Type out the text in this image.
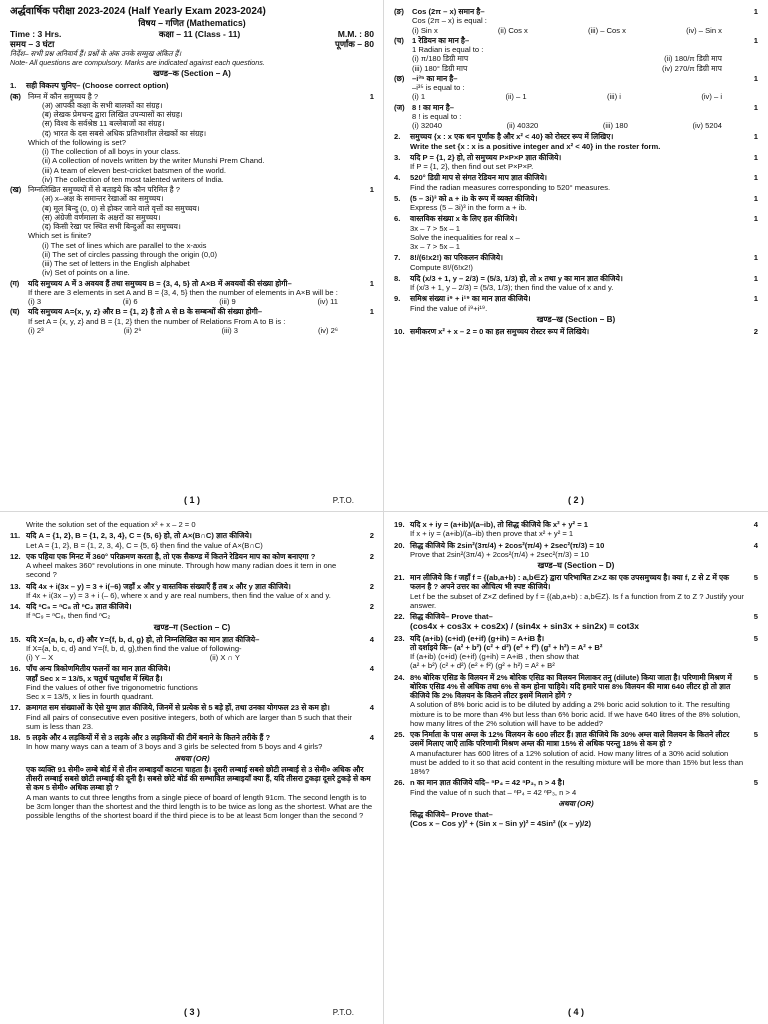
अर्द्धवार्षिक परीक्षा 2023-2024 (Half Yearly Exam 2023-2024)
विषय – गणित (Mathematics)
Time : 3 Hrs.	कक्षा – 11 (Class - 11)	M.M. : 80
समय – 3 घंटा	पूर्णांक – 80
निर्देश– सभी प्रश्न अनिवार्य हैं। प्रश्नों के अंक उनके सम्मुख अंकित हैं।
Note- All questions are compulsory. Marks are indicated against each questions.
खण्ड–क (Section – A)
1.	सही विकल्प चुनिए– (Choose correct option)
(क) निम्न में कौन समुच्चय है ?
(अ) आपकी कक्षा के सभी बालकों का संग्रह।
(ब) लेखक प्रेमचन्द द्वारा लिखित उपन्यासों का संग्रह।
(स) विश्व के सर्वश्रेष्ठ 11 बल्लेबाजों का संग्रह।
(द) भारत के दस सबसे अधिक प्रतिभाशील लेखकों का संग्रह।
Which of the following is set?
(i) The collection of all boys in your class.
(ii) A collection of novels written by the writer Munshi Prem Chand.
(iii) A team of eleven best-cricket batsmen of the world.
(iv) The collection of ten most talented writers of India.
1
(ख) निम्नलिखित समुच्चयों में से बताइये कि कौन परिमित है ?
(अ) x–अक्ष के समान्तर रेखाओं का समुच्चय।
(ब) मूल बिन्दु (0, 0) से होकर जाने वाले वृत्तों का समुच्चय।
(स) अंग्रेजी वर्णमाला के अक्षरों का समुच्चय।
(द) किसी रेखा पर स्थित सभी बिन्दुओं का समुच्चय।
Which set is finite?
(i) The set of lines which are parallel to the x-axis
(ii) The set of circles passing through the origin (0,0)
(iii) The set of letters in the English alphabet
(iv) Set of points on a line.
1
(ग)	यदि समुच्चय A में 3 अवयव हैं तथा समुच्चय B = {3, 4, 5} तो A×B में अवयवों की संख्या होगी–
If there are 3 elements in set A and B = {3, 4, 5} then the number of elements in A×B will be :
(i) 3	(ii) 6	(iii) 9	(iv) 11
1
(घ)	यदि समुच्चय A={x, y, z} और B = {1, 2} है तो A से B के सम्बन्धों की संख्या होगी–
If set A = {x, y, z} and B = {1, 2} then the number of Relations From A to B is :
(i) 2³	(ii) 2⁶	(iii) 3	(iv) 2⁶
1
( 1 )	P.T.O.
(ङ)	Cos (2π – x) समान है–
Cos (2π – x) is equal :
(i) Sin x	(ii) Cos x	(iii) – Cos x	(iv) – Sin x
1
(च)	1 रेडियन का मान है–
1 Radian is equal to :
(i) π/180 डिग्री माप	(ii) 180/π डिग्री माप
(iii) 180° डिग्री माप	(iv) 270/π डिग्री माप
1
(छ)	–i³⁵ का मान है–
–i³⁵ is equal to :
(i) 1	(ii) – 1	(iii) i	(iv) – i
1
(ज) 8 ! का मान है–
8 ! is equal to :
(i) 32040	(ii) 40320	(iii) 180	(iv) 5204
1
2.	समुच्चय {x : x एक धन पूर्णांक है और x² < 40} को रोस्टर रूप में लिखिए।
Write the set {x : x is a positive integer and x² < 40} in the roster form.
1
3.	यदि P = {1, 2} हो, तो समुच्चय P×P×P ज्ञात कीजिये।
If P = {1, 2}, then find out set P×P×P.
1
4.	520° डिग्री माप से संगत रेडियन माप ज्ञात कीजिये।
Find the radian measures corresponding to 520° measures.
1
5.	(5 – 3i)³ को a + ib के रूप में व्यक्त कीजिये।
Express (5 – 3i)³ in the form a + ib.
1
6.	वास्तविक संख्या x के लिए हल कीजिये।
3x – 7 > 5x – 1
Solve the inequalities for real x –
3x – 7 > 5x – 1
1
7.	8!/(6!x2!) का परिकलन कीजिये।
Compute 8!/(6!x2!)
1
8.	यदि (x/3 + 1, y – 2/3) = (5/3, 1/3) हो, तो x तथा y का मान ज्ञात कीजिये।
If (x/3 + 1, y – 2/3) = (5/3, 1/3); then find the value of x and y.
1
9.	समिश्र संख्या i⁹ + i¹⁹ का मान ज्ञात कीजिये।
Find the value of i⁹+i¹⁹.
1
खण्ड–ख (Section – B)
10. समीकरण x² + x – 2 = 0 का हल समुच्चय रोस्टर रूप में लिखिये।	2
( 2 )
Write the solution set of the equation x² + x – 2 = 0
11. यदि A = {1, 2}, B = {1, 2, 3, 4}, C = {5, 6} हो, तो A×(B∩C) ज्ञात कीजिये।
Let A = {1, 2}, B = {1, 2, 3, 4}, C = {5, 6} then find the value of A×(B∩C)
2
12. एक पहिया एक मिनट में 360° परिक्रमण करता है, तो एक सैकण्ड में कितने रेडियन माप का कोण बनाएगा ?
A wheel makes 360° revolutions in one minute. Through how many radian does it tern in one second ?
2
13. यदि 4x + i(3x – y) = 3 + i(–6) जहाँ x और y वास्तविक संख्याएँ हैं तब x और y ज्ञात कीजिये।
If 4x + i(3x – y) = 3 + i (– 6), where x and y are real numbers, then find the value of x and y.
2
14. यदि ⁿC₉ = ⁿC₈ तो ⁿC₂ ज्ञात कीजिये।
If ⁿC₉ = ⁿC₈, then find ⁿC₂
2
खण्ड–ग (Section – C)
15. यदि X={a, b, c, d} और Y={f, b, d, g} हो, तो निम्नलिखित का मान ज्ञात कीजिये–
If X={a, b, c, d} and Y={f, b, d, g},then find the value of following-
(i) Y – X	(ii) X ∩ Y
4
16. पाँच अन्य त्रिकोणमितीय फलनों का मान ज्ञात कीजिये।
जहाँ Sec x = 13/5, x चतुर्थ चतुर्थांश में स्थित है।
Find the values of other five trigonometric functions
Sec x = 13/5, x lies in fourth quadrant.
4
17. क्रमागत सम संख्याओं के ऐसे युग्म ज्ञात कीजिये, जिनमें से प्रत्येक से 5 बड़े हों, तथा उनका योगफल 23 से कम हो।
Find all pairs of consecutive even positive integers, both of which are larger than 5 such that their sum is less than 23.
4
18. 5 लड़के और 4 लड़कियों में से 3 लड़के और 3 लड़कियों की टीमें बनाने के कितने तरीके हैं ?
In how many ways can a team of 3 boys and 3 girls be selected from 5 boys and 4 girls?
4
अथवा (OR)
एक व्यक्ति 91 सेमी० लम्बे बोर्ड में से तीन लम्बाइयाँ काटना चाहता है। दूसरी लम्बाई सबसे छोटी लम्बाई से 3 सेमी० अधिक और तीसरी लम्बाई सबसे छोटी लम्बाई की दूनी है। सबसे छोटे बोर्ड की सम्भावित लम्बाइयाँ क्या हैं, यदि तीसरा टुकड़ा दूसरे टुकड़े से कम से कम 5 सेमी० अधिक लम्बा हो ?
A man wants to cut three lengths from a single piece of board of length 91cm. The second length is to be 3cm longer than the shortest and the third length is to be twice as long as the shortest. What are the possible lengths of the shortest board if the third piece is to be at least 5cm longer than the second ?
( 3 )	P.T.O.
19. यदि x + iy = (a+ib)/(a–ib), तो सिद्ध कीजिये कि x² + y² = 1
If x + iy = (a+ib)/(a–ib) then prove that x² + y² = 1
4
20. सिद्ध कीजिये कि 2sin²(3π/4) + 2cos²(π/4) + 2sec²(π/3) = 10
Prove that 2sin²(3π/4) + 2cos²(π/4) + 2sec²(π/3) = 10
4
खण्ड–घ (Section – D)
21. मान लीजिये कि f जहाँ f = {(ab,a+b) : a,b∈Z} द्वारा परिभाषित Z×Z का एक उपसमुच्चय है। क्या f, Z से Z में एक फलन है ? अपने उत्तर का औचित्य भी स्पष्ट कीजिये।
Let f be the subset of Z×Z defined by f = {(ab,a+b) : a,b∈Z}. Is f a function from Z to Z ? Justify your answer.
5
22. सिद्ध कीजिये– Prove that–
(cos4x + cos3x + cos2x) / (sin4x + sin3x + sin2x) = cot3x
5
23. यदि (a+ib) (c+id) (e+if) (g+ih) = A+iB है।
तो दर्शाइये कि– (a² + b²) (c² + d²) (e² + f²) (g² + h²) = A² + B²
If (a+ib) (c+id) (e+if) (g+ih) = A+iB , then show that
(a² + b²) (c² + d²) (e² + f²) (g² + h²) = A² + B²
5
24. 8% बोरिक एसिड के विलयन में 2% बोरिक एसिड का विलयन मिलाकर तनु (dilute) किया जाता है। परिणामी मिश्रण में बोरिक एसिड 4% से अधिक तथा 6% से कम होना चाहिये। यदि हमारे पास 8% विलयन की मात्रा 640 लीटर हो तो ज्ञात कीजिये कि 2% विलयन के कितने लीटर इसमें मिलाने होंगे ?
A solution of 8% boric acid is to be diluted by adding a 2% boric acid solution to it. The resulting mixture is to be more than 4% but less than 6% boric acid. If we have 640 litres of the 8% solution, how many litres of the 2% solution will have to be added?
5
25. एक निर्माता के पास अम्ल के 12% विलयन के 600 लीटर हैं। ज्ञात कीजिये कि 30% अम्ल वाले विलयन के कितने लीटर उसमें मिलाए जाएँ ताकि परिणामी मिश्रण अम्ल की मात्रा 15% से अधिक परन्तु 18% से कम हो ?
A manufacturer has 600 litres of a 12% solution of acid. How many litres of a 30% acid solution must be added to it so that acid content in the resulting mixture will be more than 15% but less than 18%?
5
26. n का मान ज्ञात कीजिये यदि– ⁿP₄ = 42 ⁿP₃, n > 4 है।
Find the value of n such that – ⁿP₄ = 42 ⁿP₃, n > 4
5
अथवा (OR)
सिद्ध कीजिये– Prove that–
(Cos x – Cos y)² + (Sin x – Sin y)² = 4Sin² ((x – y)/2)
( 4 )
